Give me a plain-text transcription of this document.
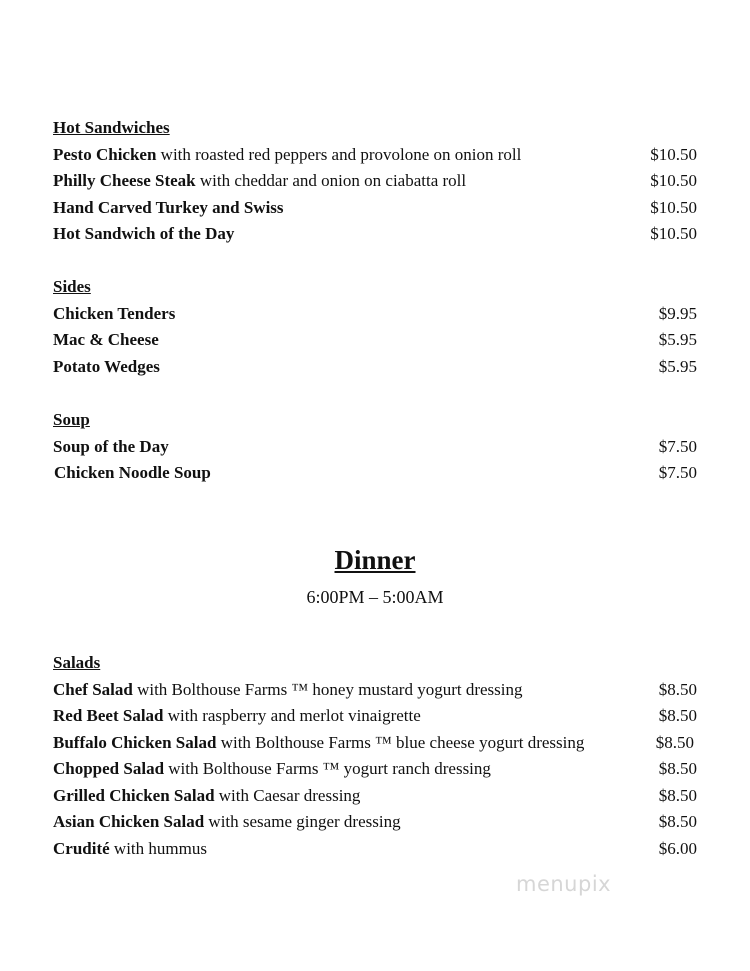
Hot Sandwiches
Pesto Chicken with roasted red peppers and provolone on onion roll	$10.50
Philly Cheese Steak with cheddar and onion on ciabatta roll	$10.50
Hand Carved Turkey and Swiss	$10.50
Hot Sandwich of the Day	$10.50
Sides
Chicken Tenders	$9.95
Mac & Cheese	$5.95
Potato Wedges	$5.95
Soup
Soup of the Day	$7.50
Chicken Noodle Soup	$7.50
Dinner
6:00PM – 5:00AM
Salads
Chef Salad with Bolthouse Farms ™ honey mustard yogurt dressing	$8.50
Red Beet Salad with raspberry and merlot vinaigrette	$8.50
Buffalo Chicken Salad with Bolthouse Farms ™ blue cheese yogurt dressing	$8.50
Chopped Salad with Bolthouse Farms ™ yogurt ranch dressing	$8.50
Grilled Chicken Salad with Caesar dressing	$8.50
Asian Chicken Salad with sesame ginger dressing	$8.50
Crudité with hummus	$6.00
menupix
